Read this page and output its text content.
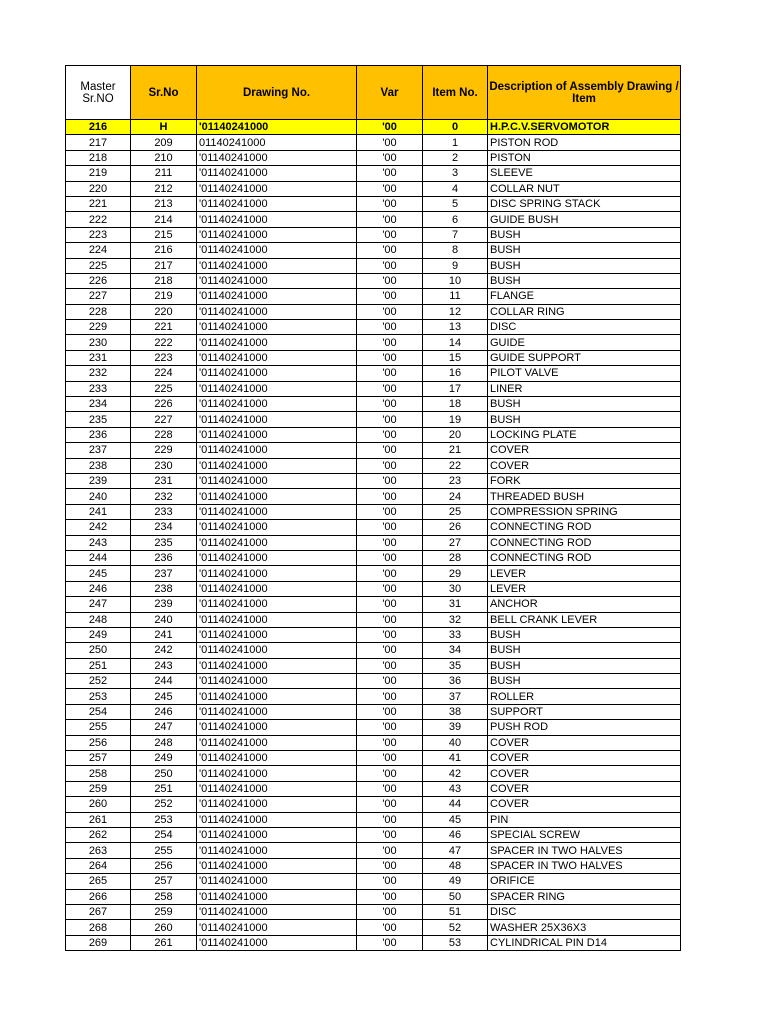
Master
Sr.NO	Sr.No	Drawing No.	Var	Item No.	Description of Assembly Drawing / Item
216	H	'01140241000	'00	0	H.P.C.V.SERVOMOTOR
217	209	01140241000	'00	1	PISTON ROD
218	210	'01140241000	'00	2	PISTON
219	211	'01140241000	'00	3	SLEEVE
220	212	'01140241000	'00	4	COLLAR NUT
221	213	'01140241000	'00	5	DISC SPRING STACK
222	214	'01140241000	'00	6	GUIDE BUSH
223	215	'01140241000	'00	7	BUSH
224	216	'01140241000	'00	8	BUSH
225	217	'01140241000	'00	9	BUSH
226	218	'01140241000	'00	10	BUSH
227	219	'01140241000	'00	11	FLANGE
228	220	'01140241000	'00	12	COLLAR RING
229	221	'01140241000	'00	13	DISC
230	222	'01140241000	'00	14	GUIDE
231	223	'01140241000	'00	15	GUIDE SUPPORT
232	224	'01140241000	'00	16	PILOT VALVE
233	225	'01140241000	'00	17	LINER
234	226	'01140241000	'00	18	BUSH
235	227	'01140241000	'00	19	BUSH
236	228	'01140241000	'00	20	LOCKING PLATE
237	229	'01140241000	'00	21	COVER
238	230	'01140241000	'00	22	COVER
239	231	'01140241000	'00	23	FORK
240	232	'01140241000	'00	24	THREADED BUSH
241	233	'01140241000	'00	25	COMPRESSION SPRING
242	234	'01140241000	'00	26	CONNECTING ROD
243	235	'01140241000	'00	27	CONNECTING ROD
244	236	'01140241000	'00	28	CONNECTING ROD
245	237	'01140241000	'00	29	LEVER
246	238	'01140241000	'00	30	LEVER
247	239	'01140241000	'00	31	ANCHOR
248	240	'01140241000	'00	32	BELL CRANK LEVER
249	241	'01140241000	'00	33	BUSH
250	242	'01140241000	'00	34	BUSH
251	243	'01140241000	'00	35	BUSH
252	244	'01140241000	'00	36	BUSH
253	245	'01140241000	'00	37	ROLLER
254	246	'01140241000	'00	38	SUPPORT
255	247	'01140241000	'00	39	PUSH ROD
256	248	'01140241000	'00	40	COVER
257	249	'01140241000	'00	41	COVER
258	250	'01140241000	'00	42	COVER
259	251	'01140241000	'00	43	COVER
260	252	'01140241000	'00	44	COVER
261	253	'01140241000	'00	45	PIN
262	254	'01140241000	'00	46	SPECIAL SCREW
263	255	'01140241000	'00	47	SPACER IN TWO HALVES
264	256	'01140241000	'00	48	SPACER IN TWO HALVES
265	257	'01140241000	'00	49	ORIFICE
266	258	'01140241000	'00	50	SPACER RING
267	259	'01140241000	'00	51	DISC
268	260	'01140241000	'00	52	WASHER 25X36X3
269	261	'01140241000	'00	53	CYLINDRICAL PIN D14
